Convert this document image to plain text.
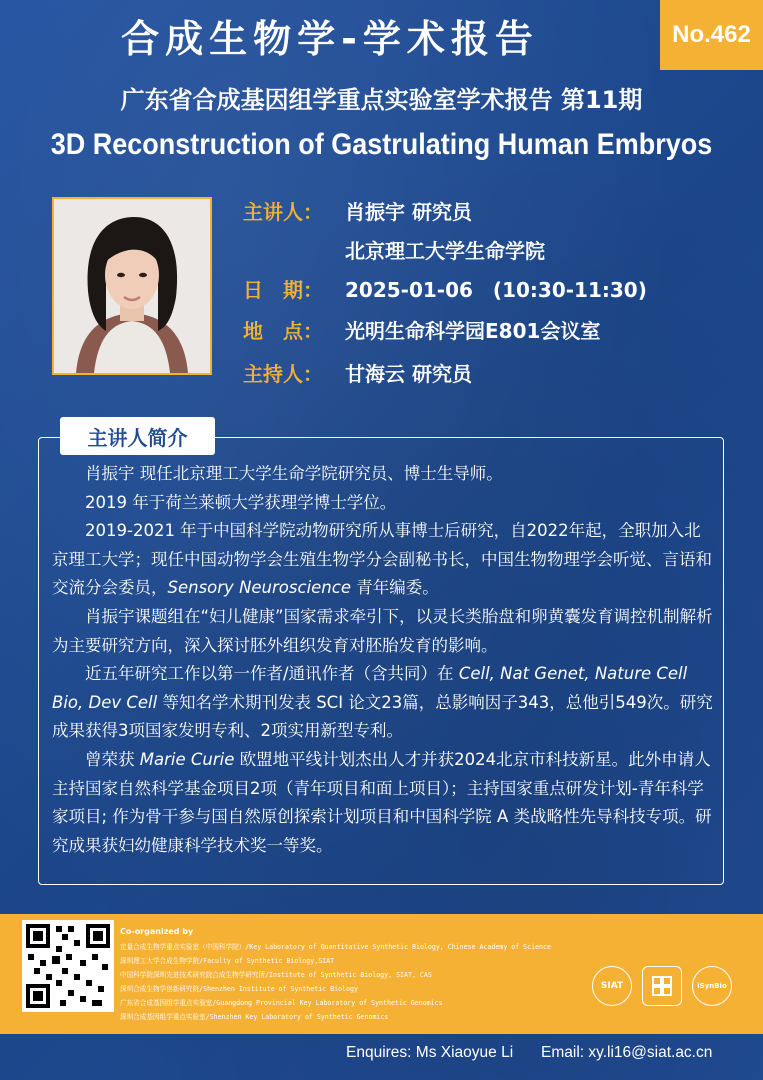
合成生物学-学术报告	No.462
广东省合成基因组学重点实验室学术报告 第11期
3D Reconstruction of Gastrulating Human Embryos
主讲人： 肖振宇 研究员
北京理工大学生命学院
日　期： 2025-01-06　(10:30-11:30)
地　点： 光明生命科学园E801会议室
主持人： 甘海云 研究员
主讲人简介

肖振宇 现任北京理工大学生命学院研究员、博士生导师。

2019 年于荷兰莱顿大学获理学博士学位。

2019-2021 年于中国科学院动物研究所从事博士后研究，自2022年起，全职加入北京理工大学；现任中国动物学会生殖生物学分会副秘书长，中国生物物理学会听觉、言语和交流分会委员，Sensory Neuroscience 青年编委。

肖振宇课题组在“妇儿健康”国家需求牵引下，以灵长类胎盘和卵黄囊发育调控机制解析为主要研究方向，深入探讨胚外组织发育对胚胎发育的影响。

近五年研究工作以第一作者/通讯作者（含共同）在 Cell, Nat Genet, Nature Cell Bio, Dev Cell 等知名学术期刊发表 SCI 论文23篇，总影响因子343，总他引549次。研究成果获得3项国家发明专利、2项实用新型专利。

曾荣获 Marie Curie 欧盟地平线计划杰出人才并获2024北京市科技新星。此外申请人主持国家自然科学基金项目2项（青年项目和面上项目）；主持国家重点研发计划-青年科学家项目; 作为骨干参与国自然原创探索计划项目和中国科学院 A 类战略性先导科技专项。研究成果获妇幼健康科学技术奖一等奖。

Co-organized by
定量合成生物学重点实验室（中国科学院）/Key Laboratory of Quantitative Synthetic Biology, Chinese Academy of Science
深圳理工大学合成生物学院/Faculty of Synthetic Biology,SIAT
中国科学院深圳先进技术研究院合成生物学研究所/Institute of Synthetic Biology, SIAT, CAS
深圳合成生物学创新研究院/Shenzhen Institute of Synthetic Biology
广东省合成基因组学重点实验室/Guangdong Provincial Key Laboratory of Synthetic Genomics
深圳合成基因组学重点实验室/Shenzhen Key Laboratory of Synthetic Genomics
SIAT	iSynBio
Enquires: Ms Xiaoyue Li Email: xy.li16@siat.ac.cn
